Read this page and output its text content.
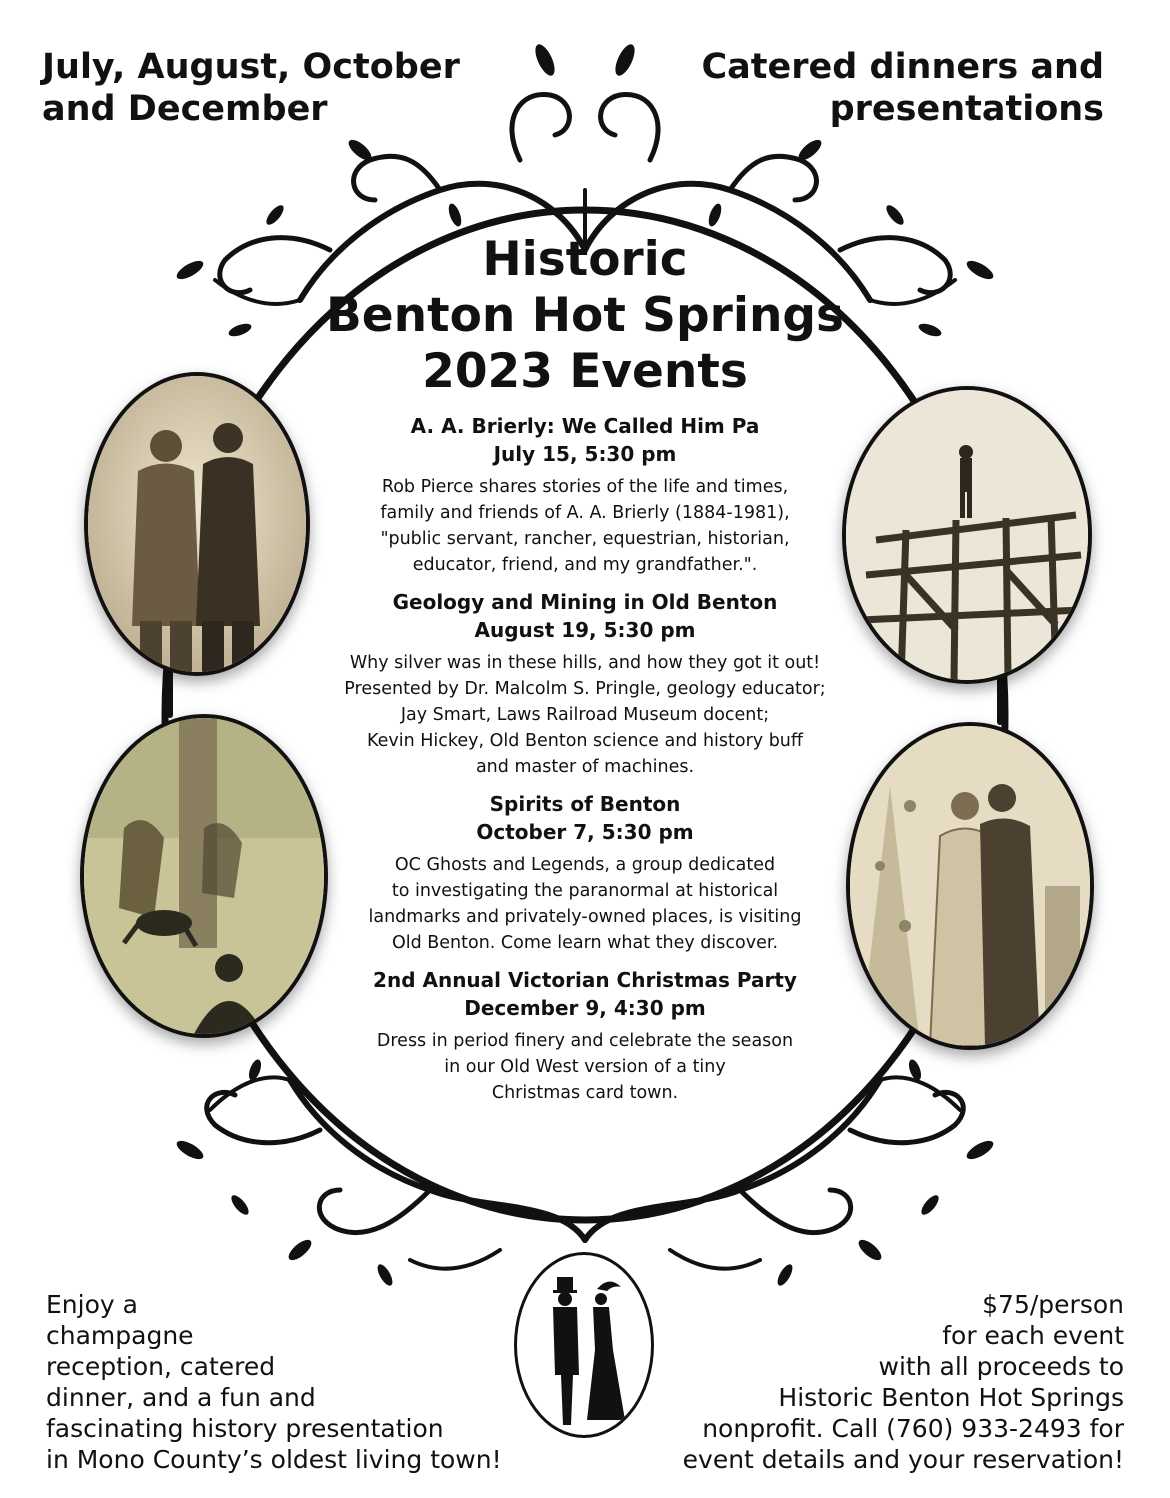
July, August, October
and December
Catered dinners and
presentations
Historic
Benton Hot Springs
2023 Events
A. A. Brierly: We Called Him Pa
July 15, 5:30 pm
Rob Pierce shares stories of the life and times,
family and friends of A. A. Brierly (1884-1981),
"public servant, rancher, equestrian, historian,
educator, friend, and my grandfather.".
Geology and Mining in Old Benton
August 19, 5:30 pm
Why silver was in these hills, and how they got it out!
Presented by Dr. Malcolm S. Pringle, geology educator;
Jay Smart, Laws Railroad Museum docent;
Kevin Hickey, Old Benton science and history buff
and master of machines.
Spirits of Benton
October 7, 5:30 pm
OC Ghosts and Legends, a group dedicated
to investigating the paranormal at historical
landmarks and privately-owned places, is visiting
Old Benton. Come learn what they discover.
2nd Annual Victorian Christmas Party
December 9, 4:30 pm
Dress in period finery and celebrate the season
in our Old West version of a tiny
Christmas card town.
Enjoy a
champagne
reception, catered
dinner, and a fun and
fascinating history presentation
in Mono County’s oldest living town!
$75/person
for each event
with all proceeds to
Historic Benton Hot Springs
nonprofit. Call (760) 933-2493 for
event details and your reservation!
